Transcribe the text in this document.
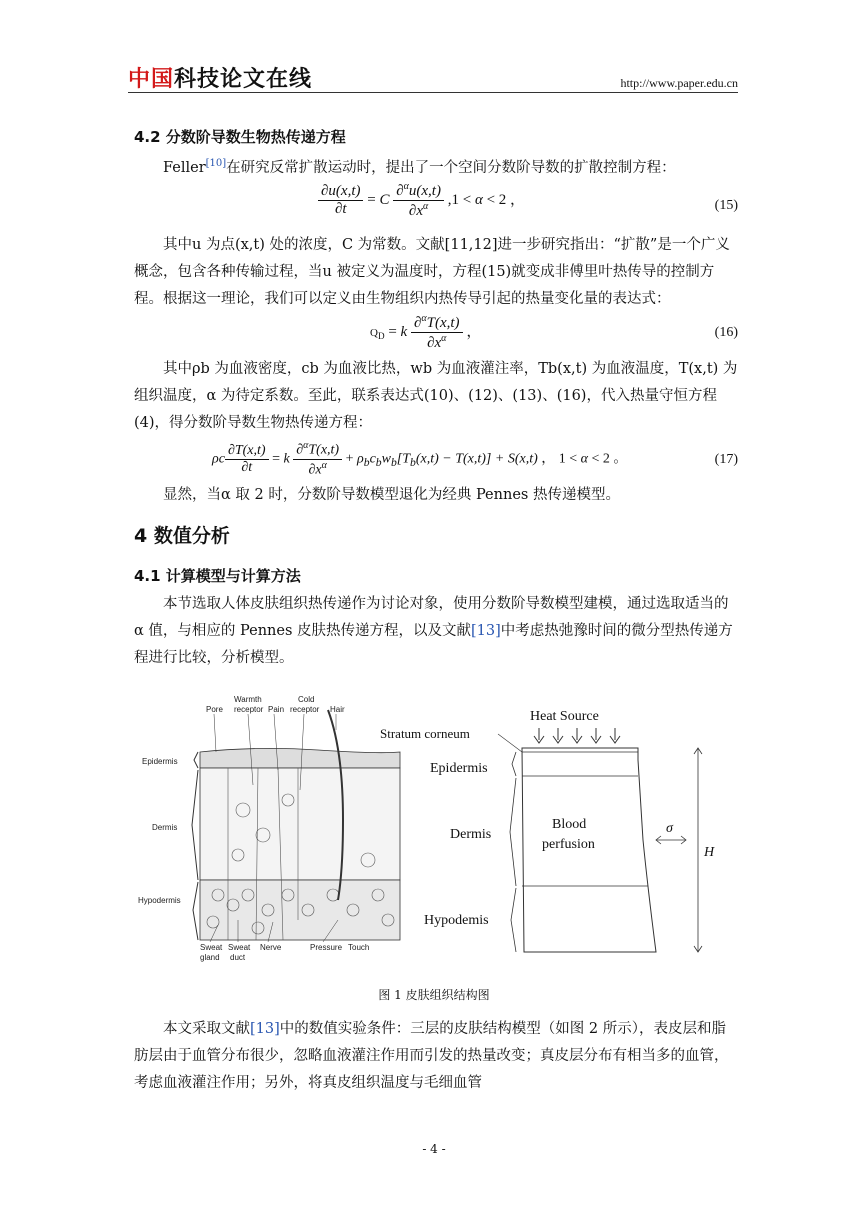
中国科技论文在线	http://www.paper.edu.cn
4.2 分数阶导数生物热传递方程
Feller[10]在研究反常扩散运动时，提出了一个空间分数阶导数的扩散控制方程：
$\frac{\partial u(x,t)}{\partial t} = C \frac{\partial^\alpha u(x,t)}{\partial x^\alpha} ,1 < \alpha < 2$ ，	(15)
其中u 为点(x,t) 处的浓度，C 为常数。文献[11,12]进一步研究指出：“扩散”是一个广义概念，包含各种传输过程，当u 被定义为温度时，方程(15)就变成非傅里叶热传导的控制方程。根据这一理论，我们可以定义由生物组织内热传导引起的热量变化量的表达式：
$Q_D = k \frac{\partial^\alpha T(x,t)}{\partial x^\alpha}$ ，	(16)
其中ρb 为血液密度，cb 为血液比热，wb 为血液灌注率，Tb(x,t) 为血液温度，T(x,t) 为组织温度，α 为待定系数。至此，联系表达式(10)、(12)、(13)、(16)，代入热量守恒方程(4)，得分数阶导数生物热传递方程：
ρc $\frac{\partial T(x,t)}{\partial t} = k \frac{\partial^\alpha T(x,t)}{\partial x^\alpha} + \rho_bc_bw_b[T_b(x,t) - T(x,t)] + S(x,t)$ ， 1 < α < 2 。	(17)
显然，当α 取 2 时，分数阶导数模型退化为经典 Pennes 热传递模型。
4 数值分析
4.1 计算模型与计算方法
本节选取人体皮肤组织热传递作为讨论对象，使用分数阶导数模型建模，通过选取适当的α 值，与相应的 Pennes 皮肤热传递方程，以及文献[13]中考虑热弛豫时间的微分型热传递方程进行比较，分析模型。
Epidermis
Dermis
Hypodermis
Pore
Warmth
receptor Pain
Cold
receptor Hair
Sweat
gland
Sweat
duct
Nerve	Pressure Touch
Heat Source
Stratum corneum
Epidermis
Dermis
Blood
perfusion
Hypodemis
σ
H
图 1 皮肤组织结构图
本文采取文献[13]中的数值实验条件：三层的皮肤结构模型（如图 2 所示），表皮层和脂肪层由于血管分布很少，忽略血液灌注作用而引发的热量改变；真皮层分布有相当多的血管，考虑血液灌注作用；另外，将真皮组织温度与毛细血管
- 4 -
